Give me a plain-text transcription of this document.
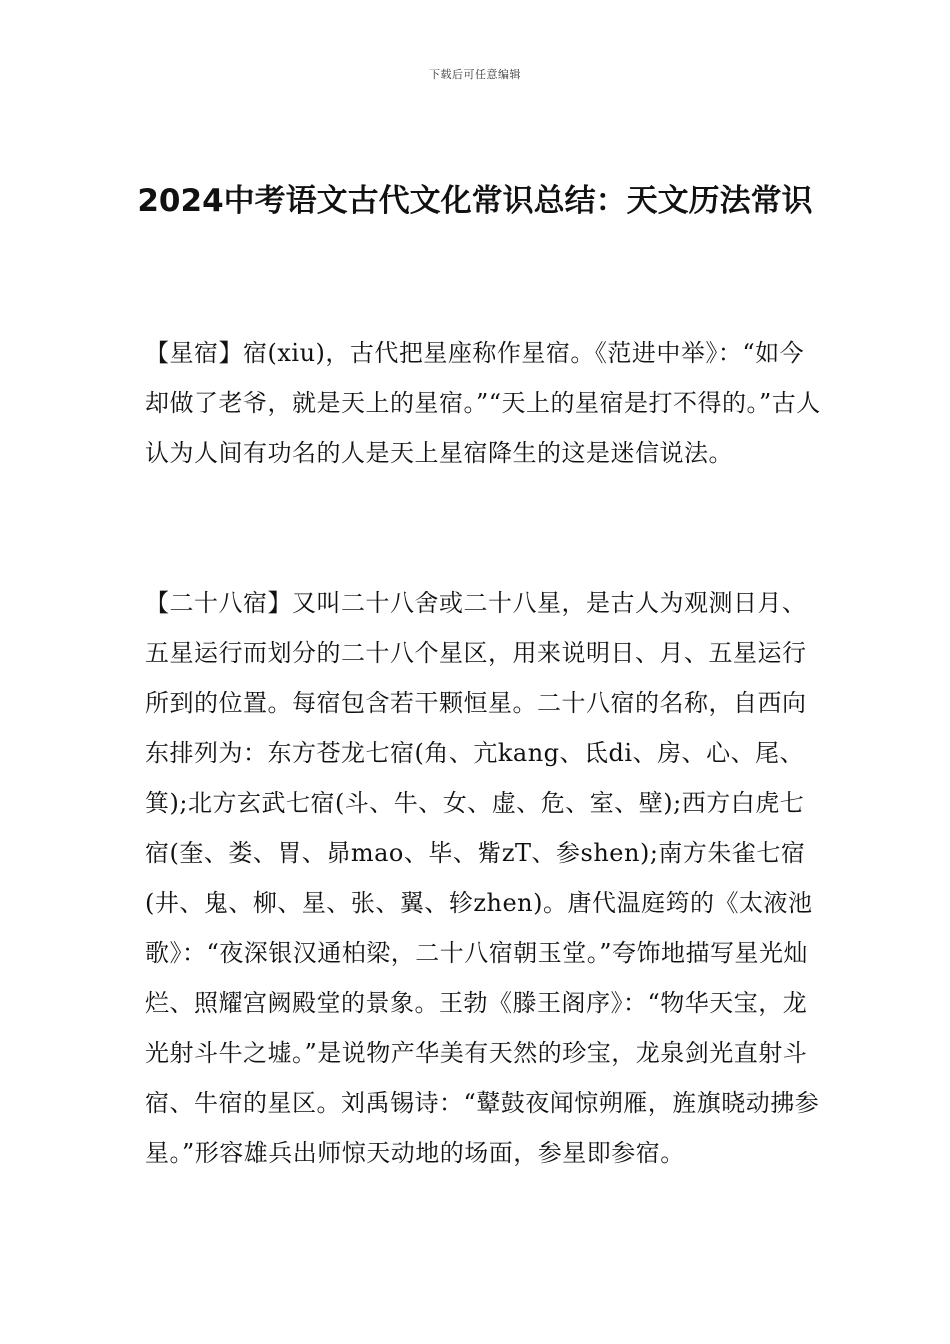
下载后可任意编辑
2024中考语文古代文化常识总结：天文历法常识

【星宿】宿(xiu)，古代把星座称作星宿。《范进中举》：“如今却做了老爷，就是天上的星宿。”“天上的星宿是打不得的。”古人认为人间有功名的人是天上星宿降生的这是迷信说法。

【二十八宿】又叫二十八舍或二十八星，是古人为观测日月、五星运行而划分的二十八个星区，用来说明日、月、五星运行所到的位置。每宿包含若干颗恒星。二十八宿的名称，自西向东排列为：东方苍龙七宿(角、亢kang、氐di、房、心、尾、箕);北方玄武七宿(斗、牛、女、虚、危、室、壁);西方白虎七宿(奎、娄、胃、昴mao、毕、觜zT、参shen);南方朱雀七宿(井、鬼、柳、星、张、翼、轸zhen)。唐代温庭筠的《太液池歌》：“夜深银汉通柏梁，二十八宿朝玉堂。”夸饰地描写星光灿烂、照耀宫阙殿堂的景象。王勃《滕王阁序》：“物华天宝，龙光射斗牛之墟。”是说物产华美有天然的珍宝，龙泉剑光直射斗宿、牛宿的星区。刘禹锡诗：“鼙鼓夜闻惊朔雁，旌旗晓动拂参星。”形容雄兵出师惊天动地的场面，参星即参宿。
